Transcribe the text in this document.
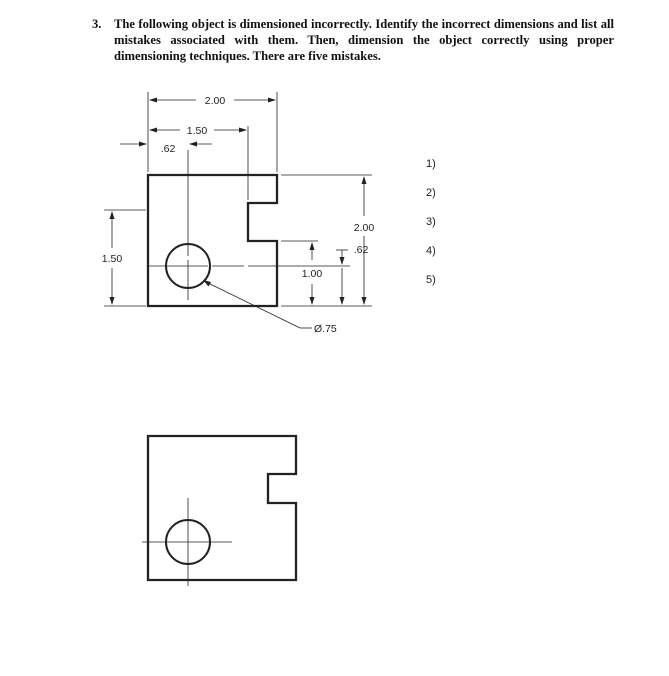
3. The following object is dimensioned incorrectly. Identify the incorrect dimensions and list all mistakes associated with them. Then, dimension the object correctly using proper dimensioning techniques. There are five mistakes.
2.00
1.50
.62
1.50
2.00
.62
1.00
Ø.75
1)
2)
3)
4)
5)
